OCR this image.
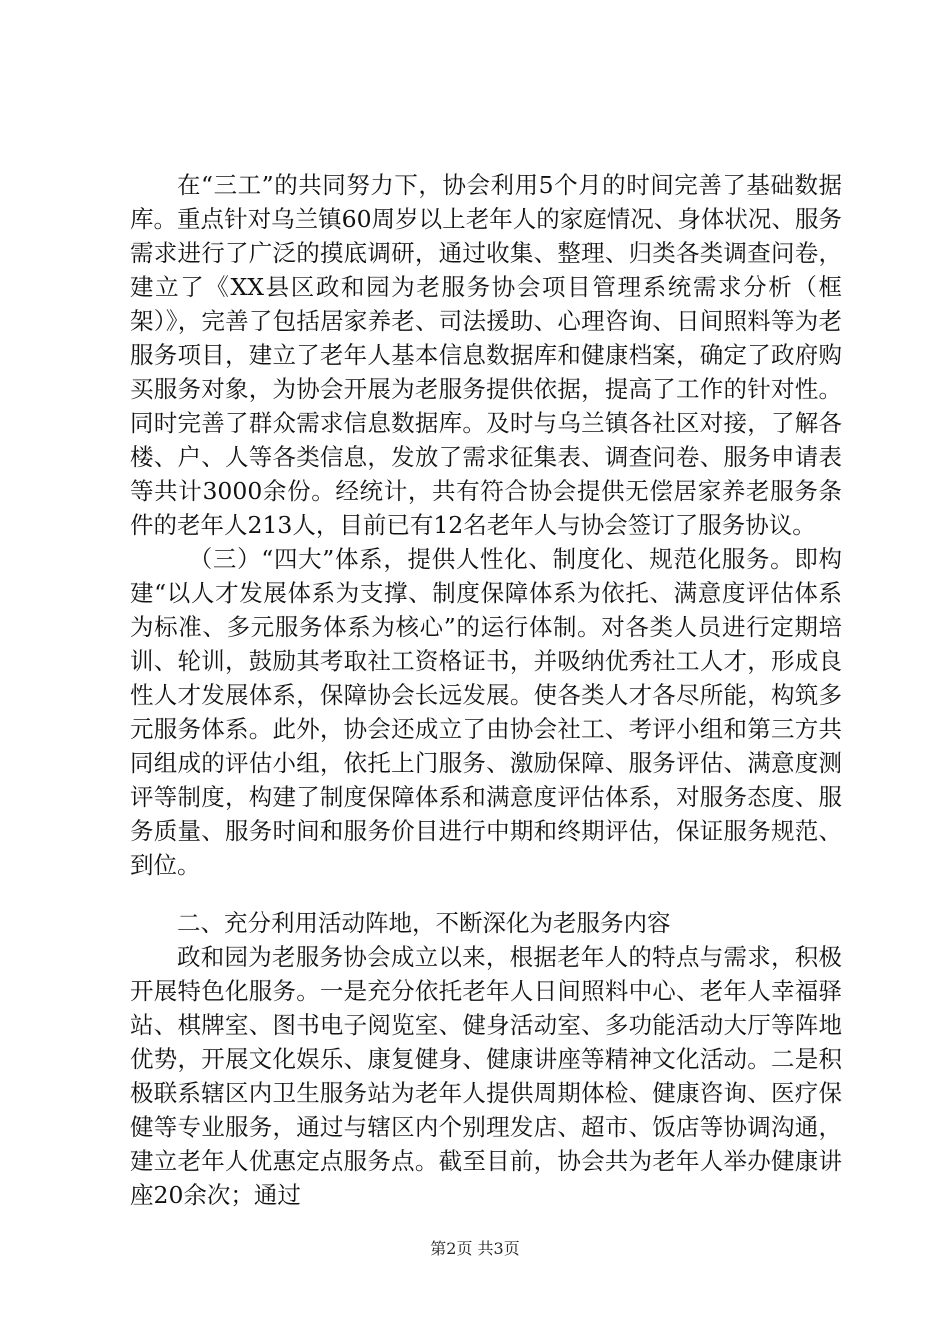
在“三工”的共同努力下，协会利用5个月的时间完善了基础数据库。重点针对乌兰镇60周岁以上老年人的家庭情况、身体状况、服务需求进行了广泛的摸底调研，通过收集、整理、归类各类调查问卷，建立了《XX县区政和园为老服务协会项目管理系统需求分析（框架）》，完善了包括居家养老、司法援助、心理咨询、日间照料等为老服务项目，建立了老年人基本信息数据库和健康档案，确定了政府购买服务对象，为协会开展为老服务提供依据，提高了工作的针对性。同时完善了群众需求信息数据库。及时与乌兰镇各社区对接，了解各楼、户、人等各类信息，发放了需求征集表、调查问卷、服务申请表等共计3000余份。经统计，共有符合协会提供无偿居家养老服务条件的老年人213人，目前已有12名老年人与协会签订了服务协议。

（三）“四大”体系，提供人性化、制度化、规范化服务。即构建“以人才发展体系为支撑、制度保障体系为依托、满意度评估体系为标准、多元服务体系为核心”的运行体制。对各类人员进行定期培训、轮训，鼓励其考取社工资格证书，并吸纳优秀社工人才，形成良性人才发展体系，保障协会长远发展。使各类人才各尽所能，构筑多元服务体系。此外，协会还成立了由协会社工、考评小组和第三方共同组成的评估小组，依托上门服务、激励保障、服务评估、满意度测评等制度，构建了制度保障体系和满意度评估体系，对服务态度、服务质量、服务时间和服务价目进行中期和终期评估，保证服务规范、到位。

二、充分利用活动阵地，不断深化为老服务内容

政和园为老服务协会成立以来，根据老年人的特点与需求，积极开展特色化服务。一是充分依托老年人日间照料中心、老年人幸福驿站、棋牌室、图书电子阅览室、健身活动室、多功能活动大厅等阵地优势，开展文化娱乐、康复健身、健康讲座等精神文化活动。二是积极联系辖区内卫生服务站为老年人提供周期体检、健康咨询、医疗保健等专业服务，通过与辖区内个别理发店、超市、饭店等协调沟通，建立老年人优惠定点服务点。截至目前，协会共为老年人举办健康讲座20余次；通过

第2页 共3页
